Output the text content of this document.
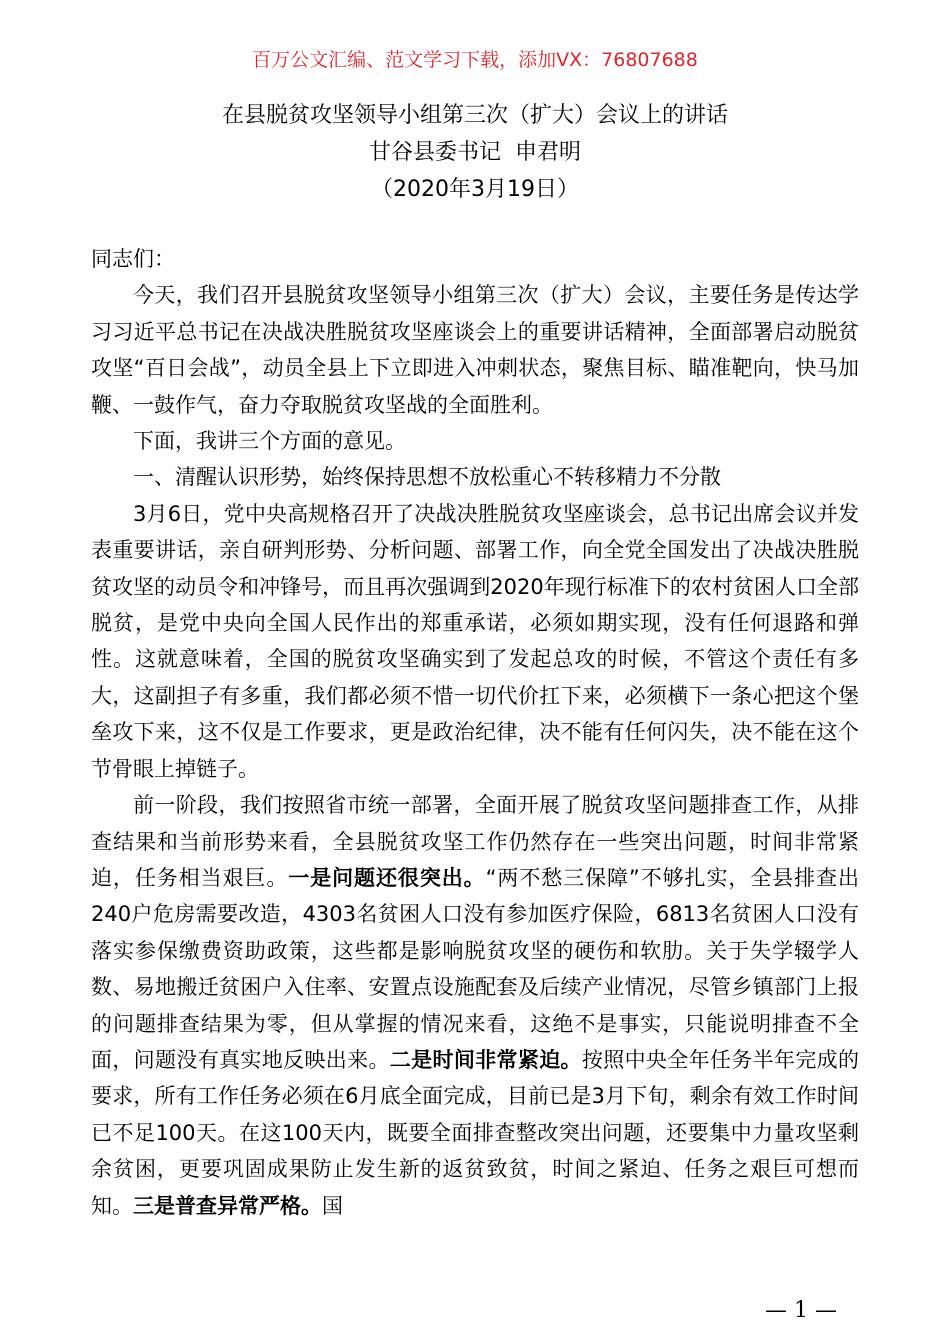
百万公文汇编、范文学习下载，添加VX：76807688
在县脱贫攻坚领导小组第三次（扩大）会议上的讲话
甘谷县委书记  申君明
（2020年3月19日）

同志们：

今天，我们召开县脱贫攻坚领导小组第三次（扩大）会议，主要任务是传达学习习近平总书记在决战决胜脱贫攻坚座谈会上的重要讲话精神，全面部署启动脱贫攻坚“百日会战”，动员全县上下立即进入冲刺状态，聚焦目标、瞄准靶向，快马加鞭、一鼓作气，奋力夺取脱贫攻坚战的全面胜利。

下面，我讲三个方面的意见。

一、清醒认识形势，始终保持思想不放松重心不转移精力不分散

3月6日，党中央高规格召开了决战决胜脱贫攻坚座谈会，总书记出席会议并发表重要讲话，亲自研判形势、分析问题、部署工作，向全党全国发出了决战决胜脱贫攻坚的动员令和冲锋号，而且再次强调到2020年现行标准下的农村贫困人口全部脱贫，是党中央向全国人民作出的郑重承诺，必须如期实现，没有任何退路和弹性。这就意味着，全国的脱贫攻坚确实到了发起总攻的时候，不管这个责任有多大，这副担子有多重，我们都必须不惜一切代价扛下来，必须横下一条心把这个堡垒攻下来，这不仅是工作要求，更是政治纪律，决不能有任何闪失，决不能在这个节骨眼上掉链子。

前一阶段，我们按照省市统一部署，全面开展了脱贫攻坚问题排查工作，从排查结果和当前形势来看，全县脱贫攻坚工作仍然存在一些突出问题，时间非常紧迫，任务相当艰巨。一是问题还很突出。“两不愁三保障”不够扎实，全县排查出240户危房需要改造，4303名贫困人口没有参加医疗保险，6813名贫困人口没有落实参保缴费资助政策，这些都是影响脱贫攻坚的硬伤和软肋。关于失学辍学人数、易地搬迁贫困户入住率、安置点设施配套及后续产业情况，尽管乡镇部门上报的问题排查结果为零，但从掌握的情况来看，这绝不是事实，只能说明排查不全面，问题没有真实地反映出来。二是时间非常紧迫。按照中央全年任务半年完成的要求，所有工作任务必须在6月底全面完成，目前已是3月下旬，剩余有效工作时间已不足100天。在这100天内，既要全面排查整改突出问题，还要集中力量攻坚剩余贫困，更要巩固成果防止发生新的返贫致贫，时间之紧迫、任务之艰巨可想而知。三是普查异常严格。国

— 1 —
